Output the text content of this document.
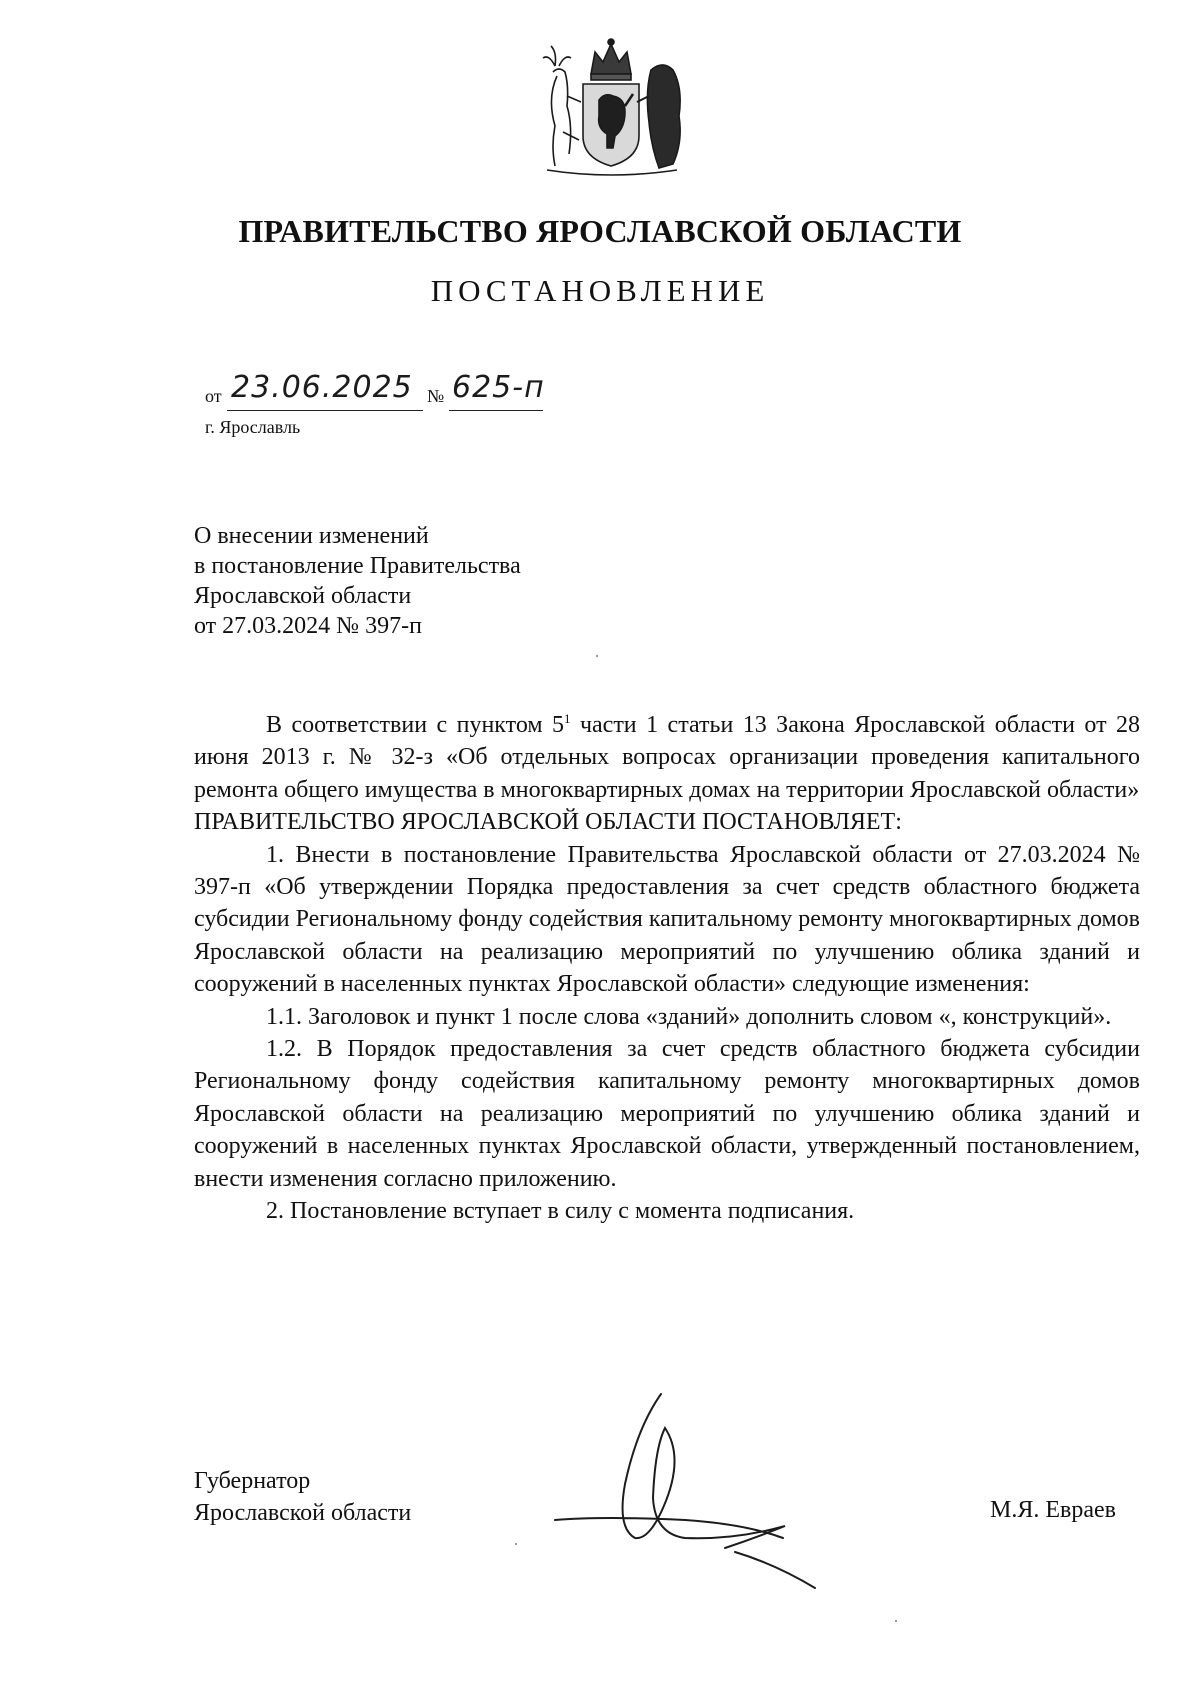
ПРАВИТЕЛЬСТВО ЯРОСЛАВСКОЙ ОБЛАСТИ
ПОСТАНОВЛЕНИЕ
от 23.06.2025 № 625-п
г. Ярославль
О внесении изменений
в постановление Правительства
Ярославской области
от 27.03.2024 № 397-п

В соответствии с пунктом $5^1$ части 1 статьи 13 Закона Ярославской области от 28 июня 2013 г. № 32-з «Об отдельных вопросах организации проведения капитального ремонта общего имущества в многоквартирных домах на территории Ярославской области»

ПРАВИТЕЛЬСТВО ЯРОСЛАВСКОЙ ОБЛАСТИ ПОСТАНОВЛЯЕТ:

1. Внести в постановление Правительства Ярославской области от 27.03.2024 № 397-п «Об утверждении Порядка предоставления за счет средств областного бюджета субсидии Региональному фонду содействия капитальному ремонту многоквартирных домов Ярославской области на реализацию мероприятий по улучшению облика зданий и сооружений в населенных пунктах Ярославской области» следующие изменения:

1.1. Заголовок и пункт 1 после слова «зданий» дополнить словом «, конструкций».

1.2. В Порядок предоставления за счет средств областного бюджета субсидии Региональному фонду содействия капитальному ремонту многоквартирных домов Ярославской области на реализацию мероприятий по улучшению облика зданий и сооружений в населенных пунктах Ярославской области, утвержденный постановлением, внести изменения согласно приложению.

2. Постановление вступает в силу с момента подписания.

Губернатор
Ярославской области	М.Я. Евраев
